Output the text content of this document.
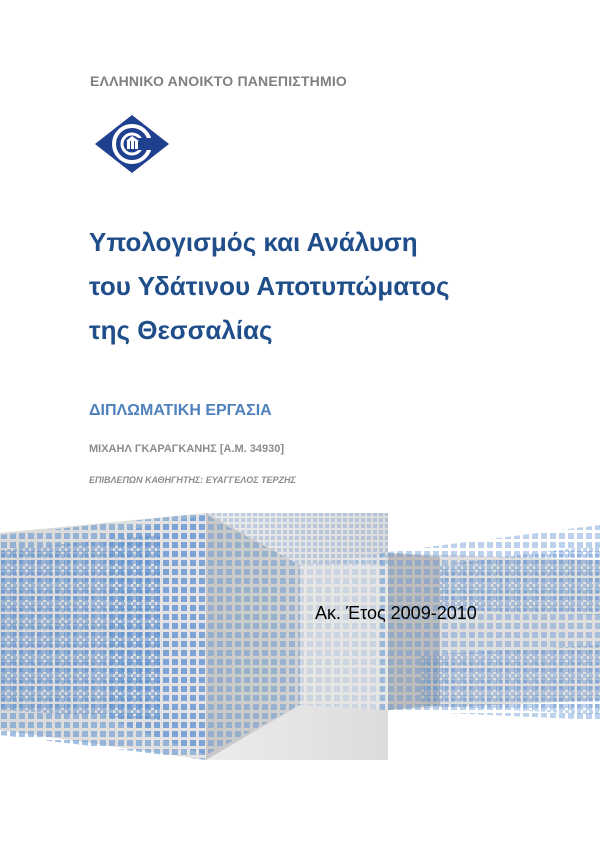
ΕΛΛΗΝΙΚΟ ΑΝΟΙΚΤΟ ΠΑΝΕΠΙΣΤΗΜΙΟ
Υπολογισμός και Ανάλυση
του Υδάτινου Αποτυπώματος
της Θεσσαλίας
ΔΙΠΛΩΜΑΤΙΚΗ ΕΡΓΑΣΙΑ
ΜΙΧΑΗΛ ΓΚΑΡΑΓΚΑΝΗΣ [Α.Μ. 34930]
ΕΠΙΒΛΕΠΩΝ ΚΑΘΗΓΗΤΗΣ: ΕΥΑΓΓΕΛΟΣ ΤΕΡΖΗΣ
Ακ. Έτος 2009-2010
